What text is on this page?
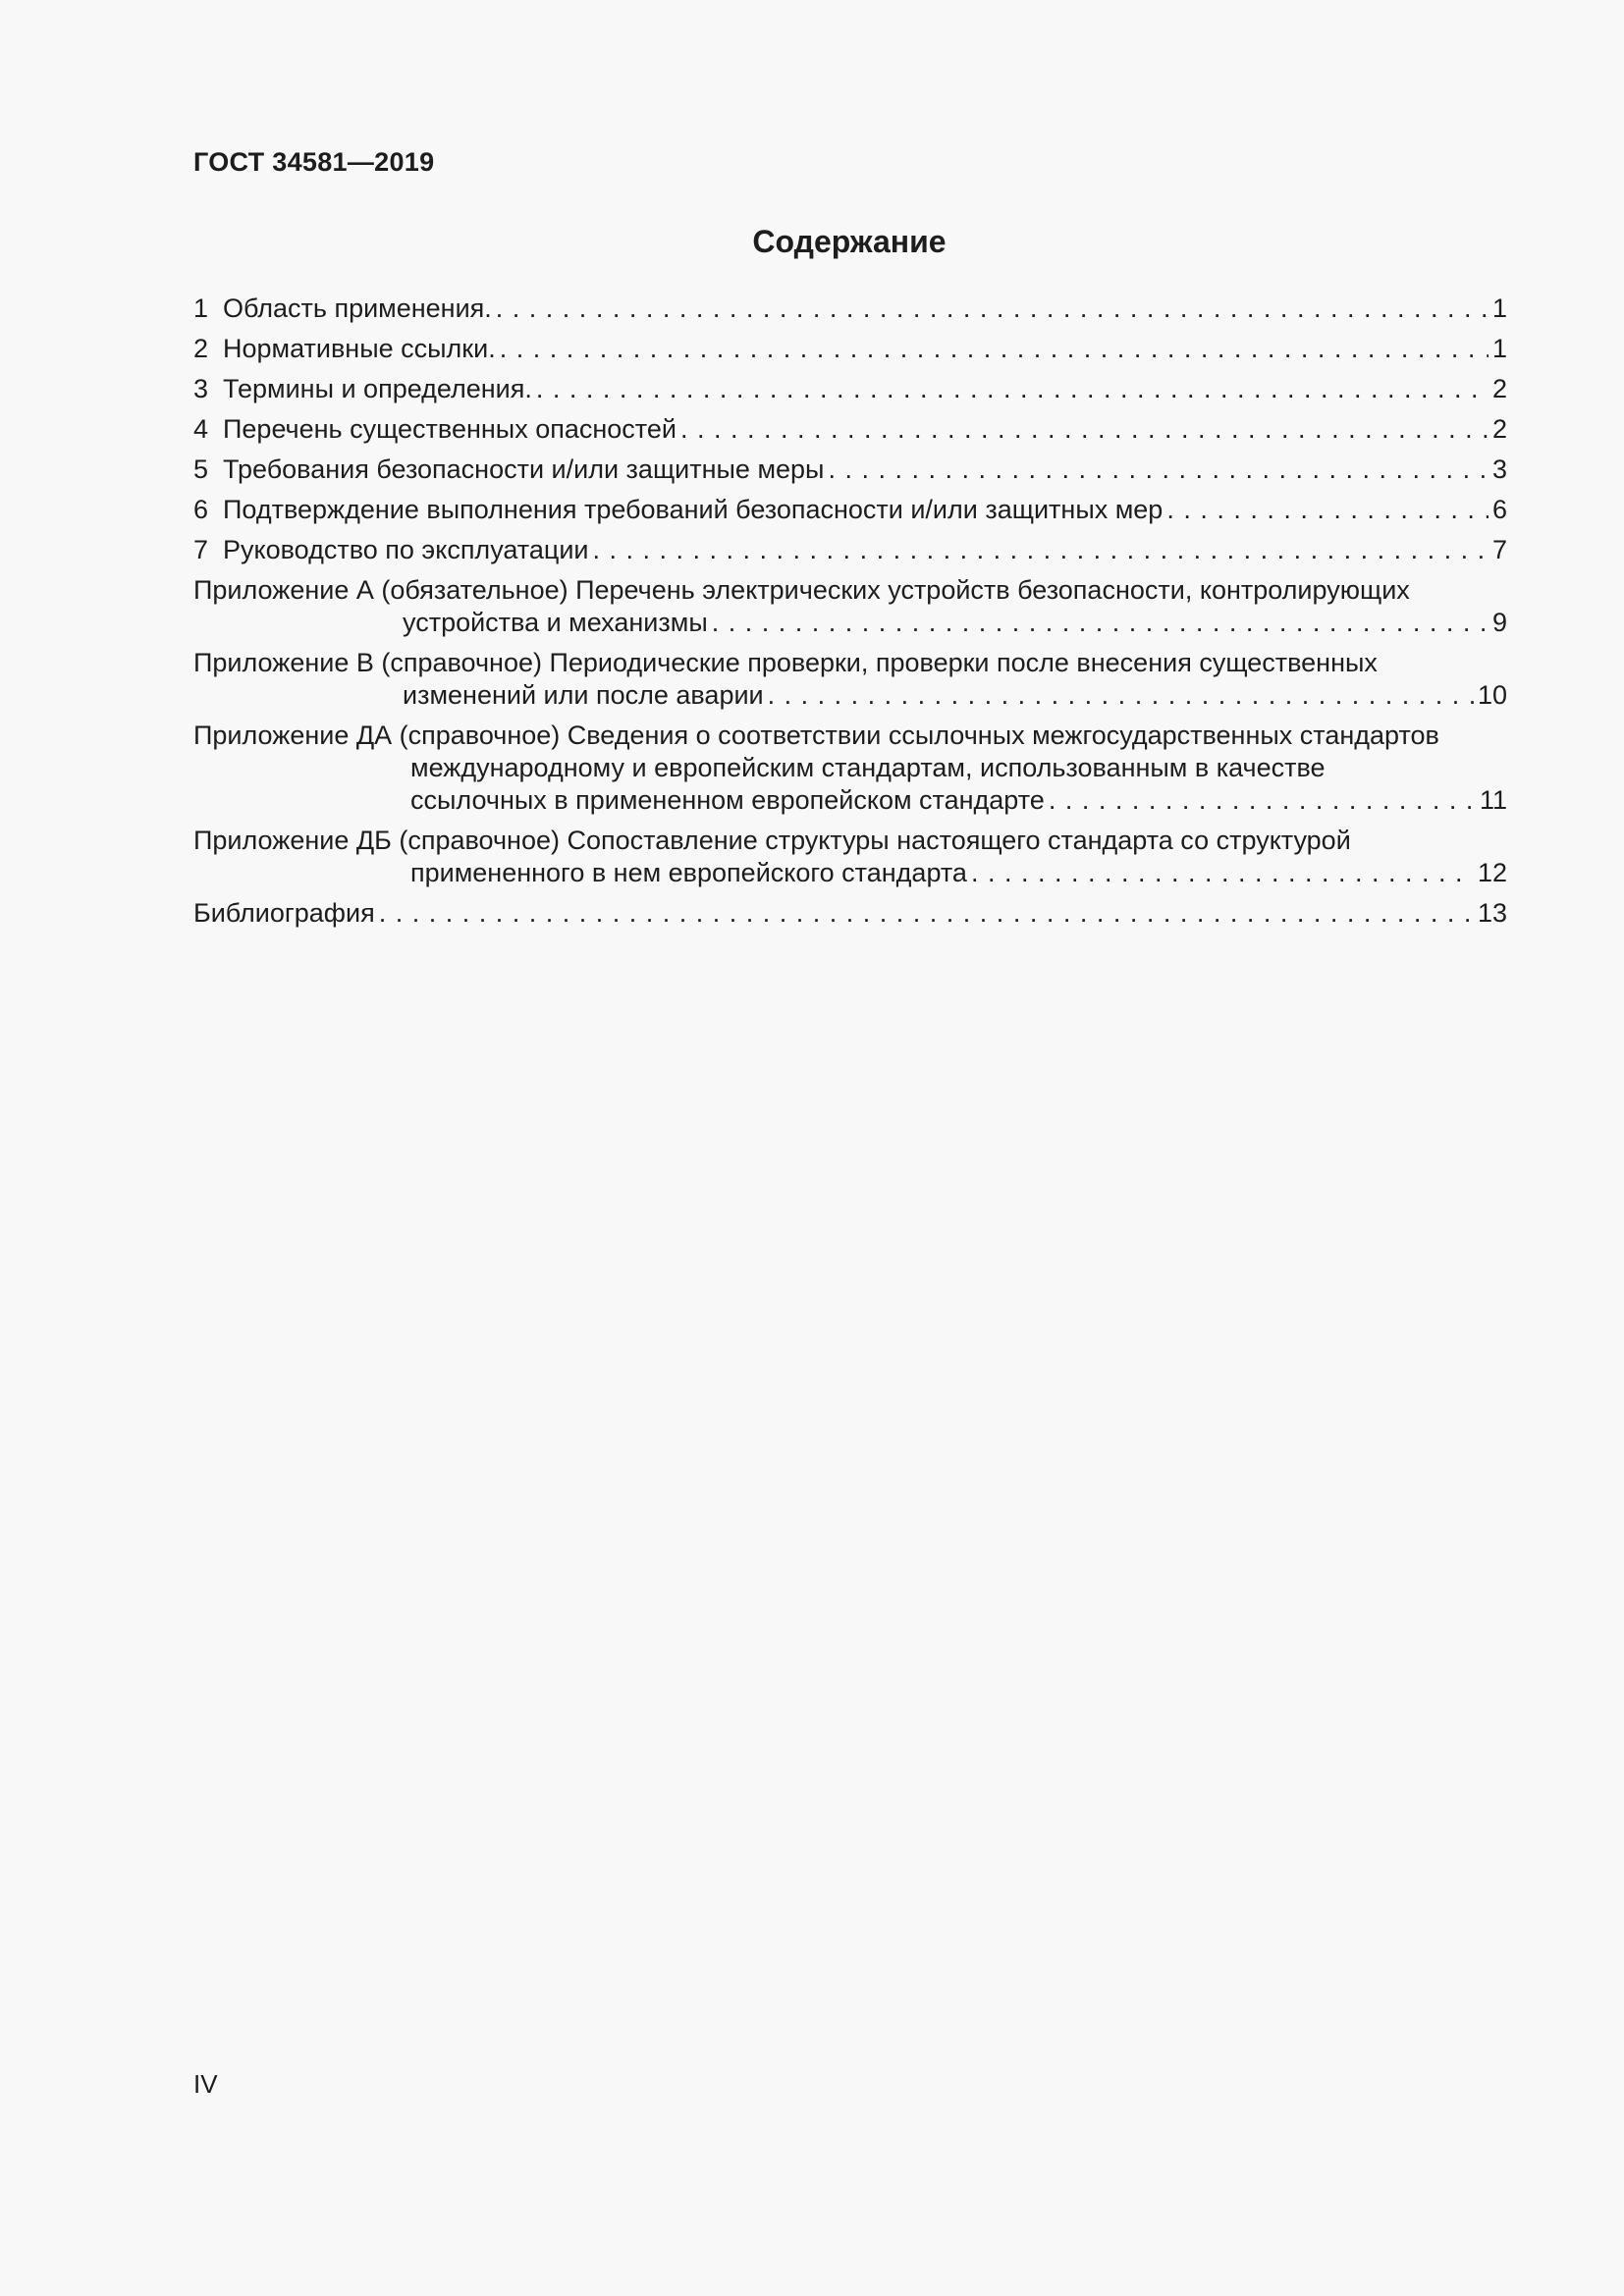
ГОСТ 34581—2019
Содержание
1 Область применения. . . .	1
2 Нормативные ссылки. . . .	1
3 Термины и определения. . . .	2
4 Перечень существенных опасностей . . .	2
5 Требования безопасности и/или защитные меры . . .	3
6 Подтверждение выполнения требований безопасности и/или защитных мер . . .	6
7 Руководство по эксплуатации . . .	7
Приложение А (обязательное) Перечень электрических устройств безопасности, контролирующих
устройства и механизмы . . .	9
Приложение В (справочное) Периодические проверки, проверки после внесения существенных
изменений или после аварии . . .	10
Приложение ДА (справочное) Сведения о соответствии ссылочных межгосударственных стандартов
международному и европейским стандартам, использованным в качестве
ссылочных в примененном европейском стандарте . . .	11
Приложение ДБ (справочное) Сопоставление структуры настоящего стандарта со структурой
примененного в нем европейского стандарта . . .	12
Библиография . . .	13
IV
